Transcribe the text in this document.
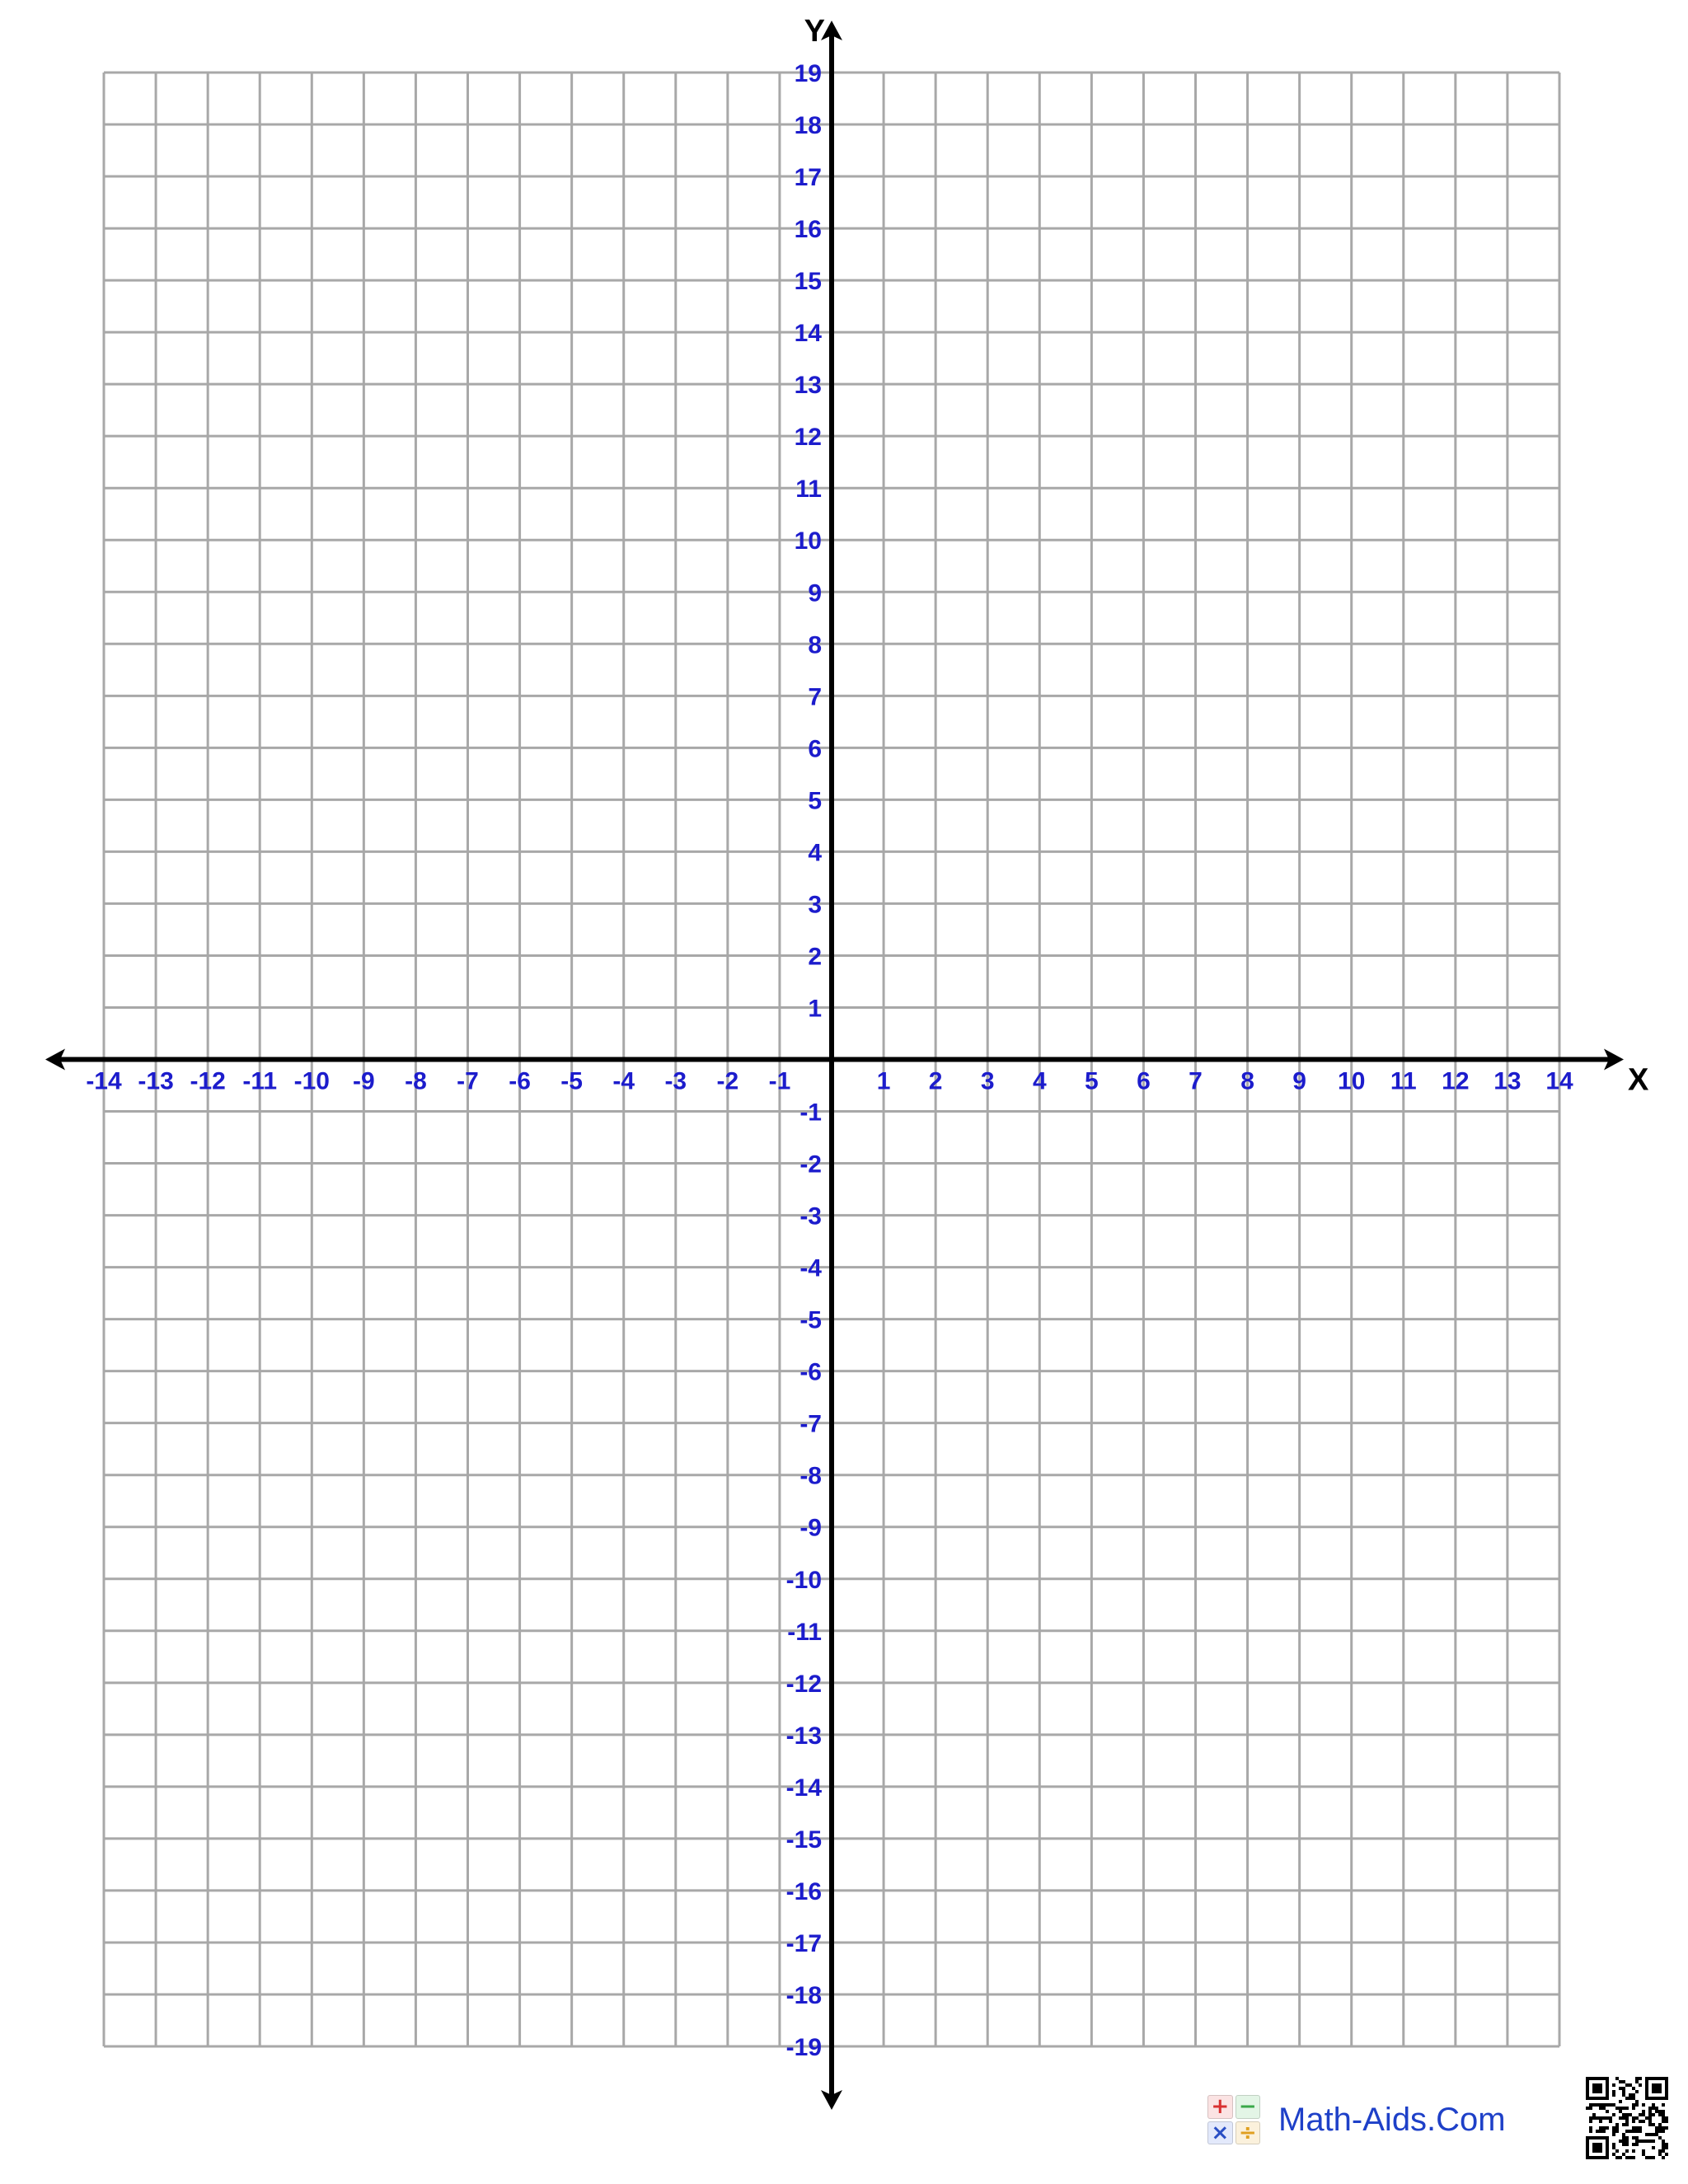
-14 -13 -12 -11 -10 -9 -8 -7 -6 -5 -4 -3 -2 -1	1 2 3 4 5 6 7 8 9 10 11 12 13 14
-19
-18
-17
-16
-15
-14
-13
-12
-11
-10
-9
-8
-7
-6
-5
-4
-3
-2
-1
1
2
3
4
5
6
7
8
9
10
11
12
13
14
15
16
17
18
19
X
Y
+ −
× ÷ Math-Aids.Com
